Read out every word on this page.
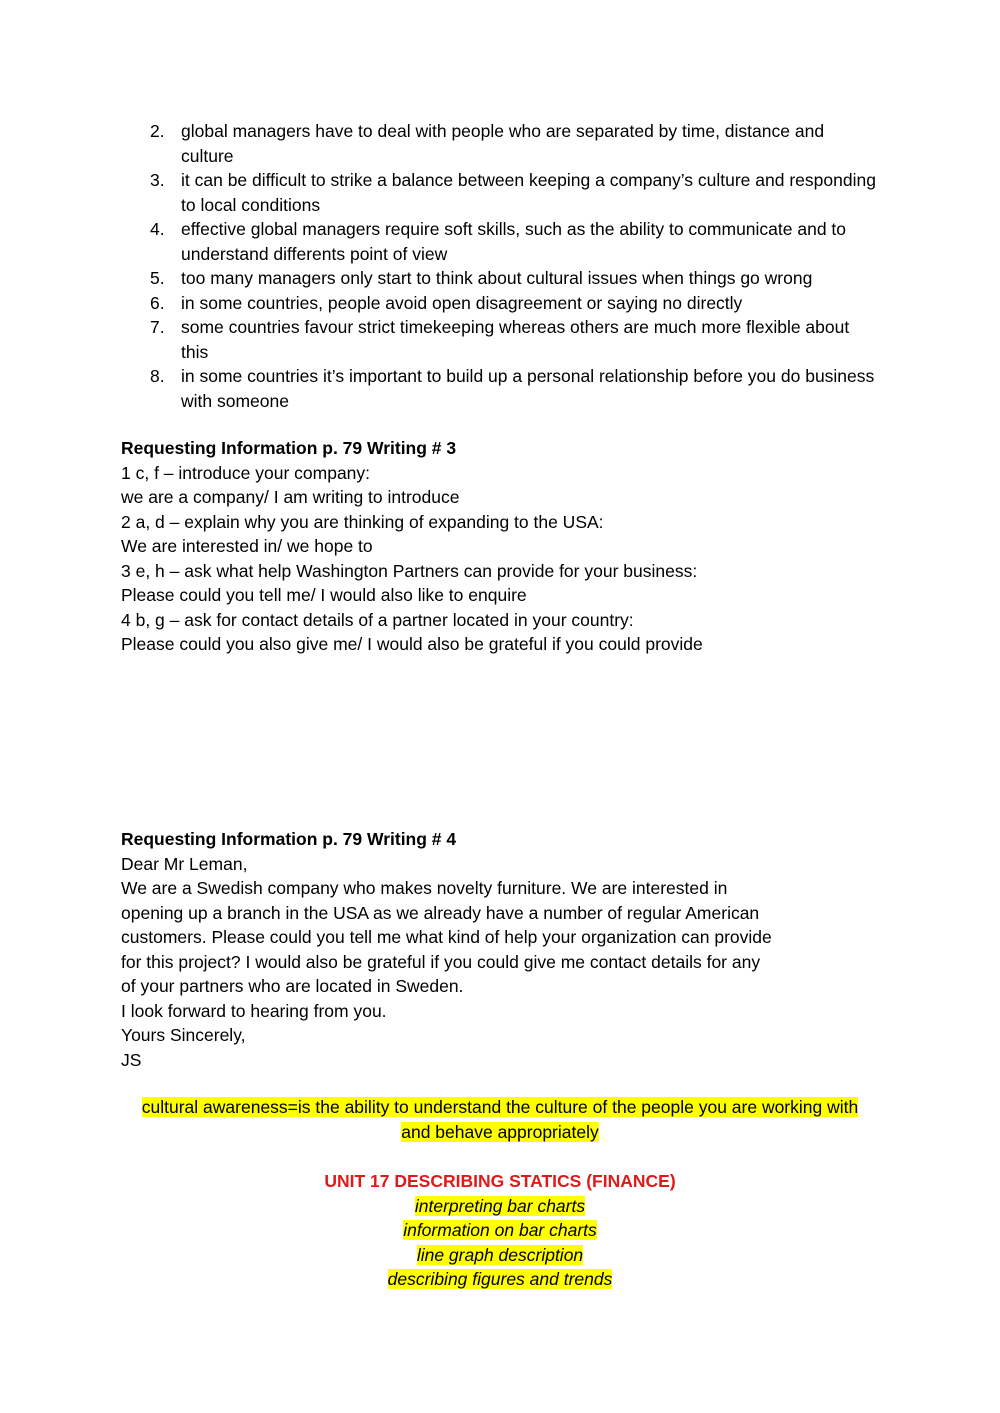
2. global managers have to deal with people who are separated by time, distance and culture
3. it can be difficult to strike a balance between keeping a company’s culture and responding to local conditions
4. effective global managers require soft skills, such as the ability to communicate and to understand differents point of view
5. too many managers only start to think about cultural issues when things go wrong
6. in some countries, people avoid open disagreement or saying no directly
7. some countries favour strict timekeeping whereas others are much more flexible about this
8. in some countries it’s important to build up a personal relationship before you do business with someone

Requesting Information p. 79 Writing # 3

1 c, f – introduce your company:

we are a company/ I am writing to introduce

2 a, d – explain why you are thinking of expanding to the USA:

We are interested in/ we hope to

3 e, h – ask what help Washington Partners can provide for your business:

Please could you tell me/ I would also like to enquire

4 b, g – ask for contact details of a partner located in your country:

Please could you also give me/ I would also be grateful if you could provide

Requesting Information p. 79 Writing # 4

Dear Mr Leman,

We are a Swedish company who makes novelty furniture. We are interested in

opening up a branch in the USA as we already have a number of regular American

customers. Please could you tell me what kind of help your organization can provide

for this project? I would also be grateful if you could give me contact details for any

of your partners who are located in Sweden.

I look forward to hearing from you.

Yours Sincerely,

JS

cultural awareness=is the ability to understand the culture of the people you are working with

and behave appropriately

UNIT 17 DESCRIBING STATICS (FINANCE)

interpreting bar charts

information on bar charts

line graph description

describing figures and trends
